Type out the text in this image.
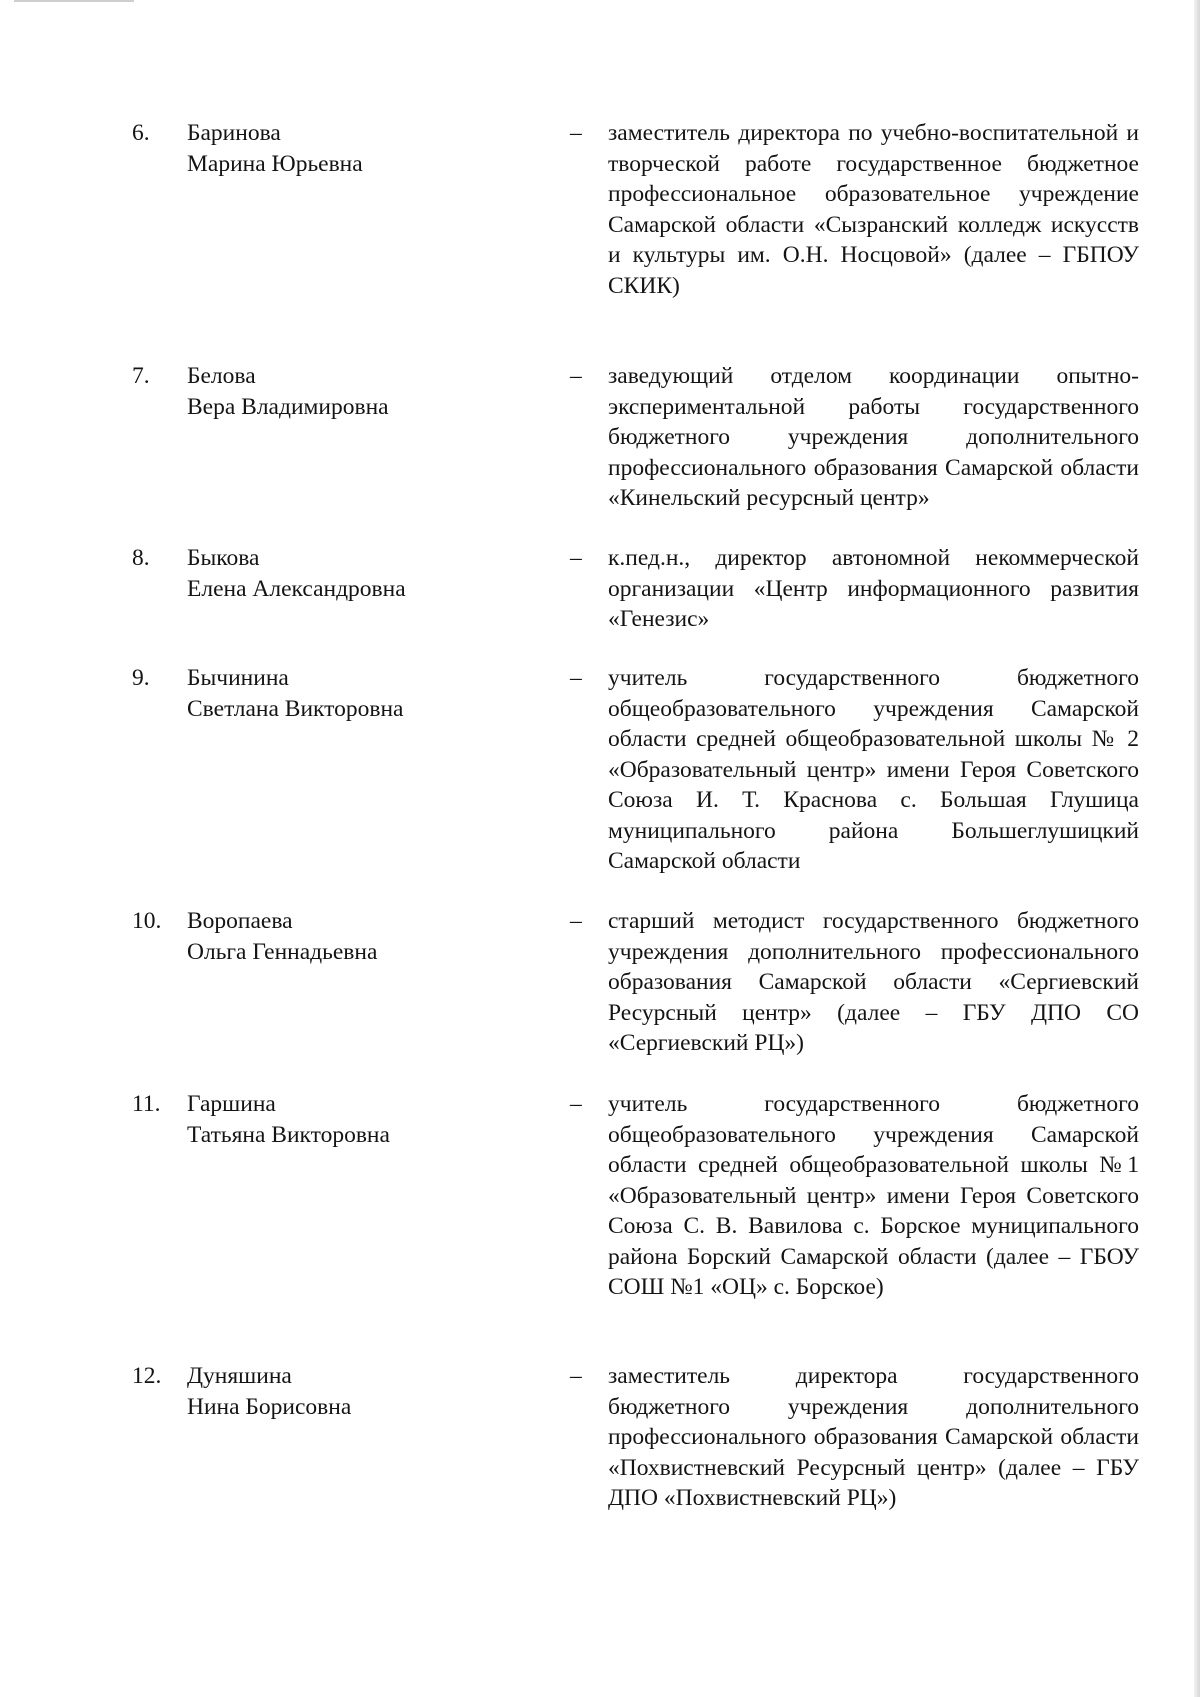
6.	Баринова
Марина Юрьевна
– заместитель директора по учебно-воспитательной и творческой работе государственное бюджетное профессиональное образовательное учреждение Самарской области «Сызранский колледж искусств и культуры им. О.Н. Носцовой» (далее – ГБПОУ СКИК)
7.	Белова
Вера Владимировна
– заведующий отделом координации опытно-экспериментальной работы государственного бюджетного учреждения дополнительного профессионального образования Самарской области «Кинельский ресурсный центр»
8.	Быкова
Елена Александровна
– к.пед.н., директор автономной некоммерческой организации «Центр информационного развития «Генезис»
9.	Бычинина
Светлана Викторовна
– учитель государственного бюджетного общеобразовательного учреждения Самарской области средней общеобразовательной школы № 2 «Образовательный центр» имени Героя Советского Союза И. Т. Краснова с. Большая Глушица муниципального района Большеглушицкий Самарской области
10.	Воропаева
Ольга Геннадьевна
– старший методист государственного бюджетного учреждения дополнительного профессионального образования Самарской области «Сергиевский Ресурсный центр» (далее – ГБУ ДПО СО «Сергиевский РЦ»)
11.	Гаршина
Татьяна Викторовна
– учитель государственного бюджетного общеобразовательного учреждения Самарской области средней общеобразовательной школы №1 «Образовательный центр» имени Героя Советского Союза С. В. Вавилова с. Борское муниципального района Борский Самарской области (далее – ГБОУ СОШ №1 «ОЦ» с. Борское)
12.	Дуняшина
Нина Борисовна
– заместитель директора государственного бюджетного учреждения дополнительного профессионального образования Самарской области «Похвистневский Ресурсный центр» (далее – ГБУ ДПО «Похвистневский РЦ»)
